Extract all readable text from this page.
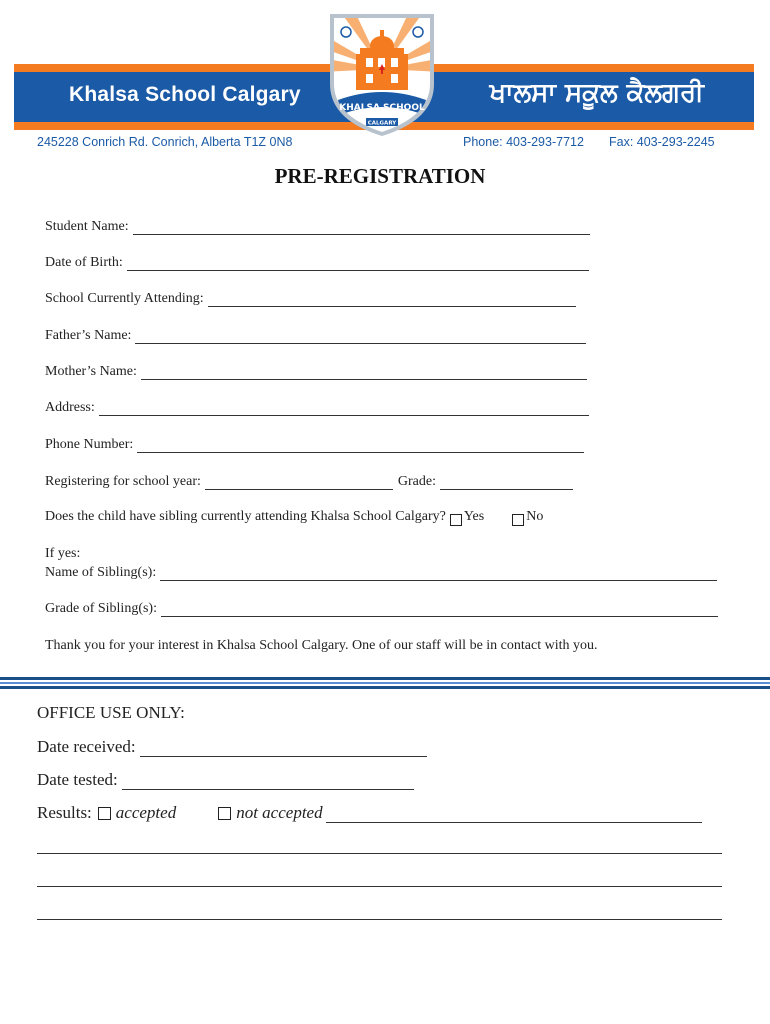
Khalsa School Calgary	ਖਾਲਸਾ ਸਕੂਲ ਕੈਲਗਰੀ
KHALSA SCHOOL
CALGARY
245228 Conrich Rd. Conrich, Alberta T1Z 0N8	Phone: 403-293-7712 Fax: 403-293-2245
PRE-REGISTRATION
Student Name:
Date of Birth:
School Currently Attending:
Father’s Name:
Mother’s Name:
Address:
Phone Number:
Registering for school year:	Grade:
Does the child have sibling currently attending Khalsa School Calgary? Yes	No
If yes:
Name of Sibling(s):
Grade of Sibling(s):
Thank you for your interest in Khalsa School Calgary. One of our staff will be in contact with you.
OFFICE USE ONLY:
Date received:
Date tested:
Results: accepted	not accepted
